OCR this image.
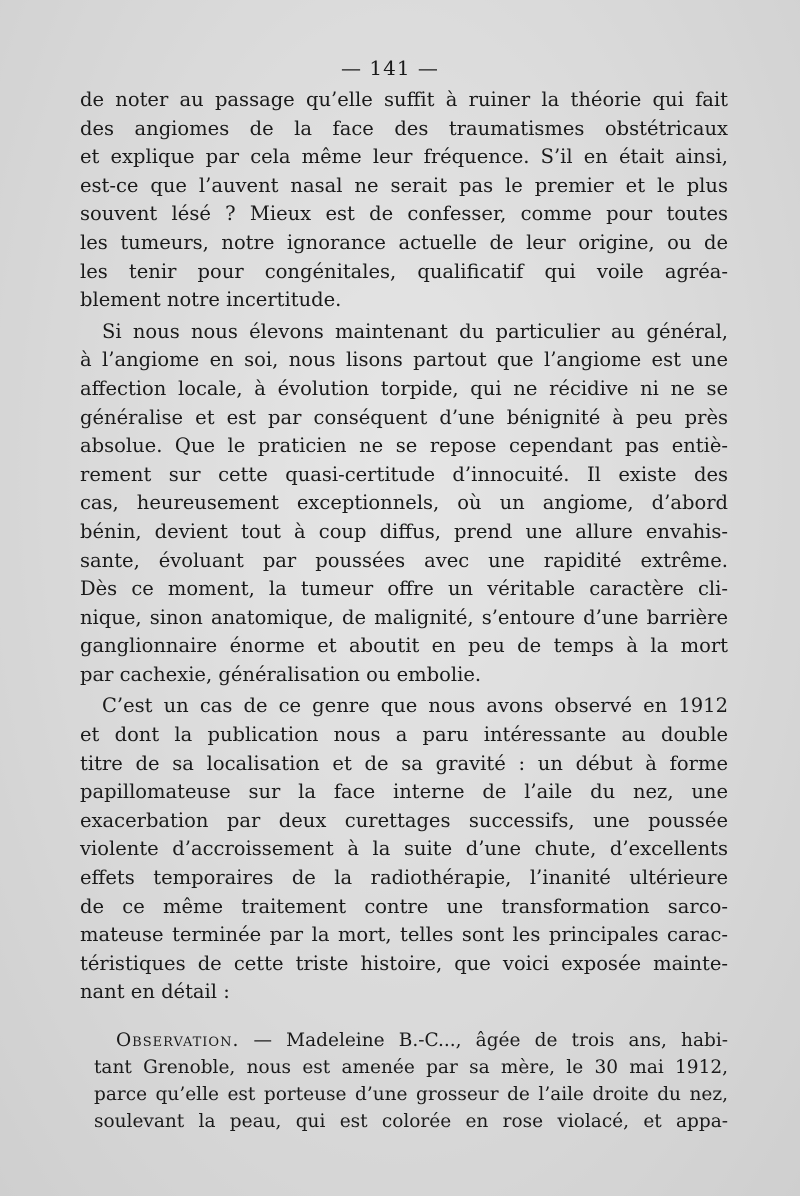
— 141 —
de noter au passage qu’elle suffit à ruiner la théorie qui fait
des angiomes de la face des traumatismes obstétricaux
et explique par cela même leur fréquence. S’il en était ainsi,
est-ce que l’auvent nasal ne serait pas le premier et le plus
souvent lésé ? Mieux est de confesser, comme pour toutes
les tumeurs, notre ignorance actuelle de leur origine, ou de
les tenir pour congénitales, qualificatif qui voile agréa-
blement notre incertitude.
Si nous nous élevons maintenant du particulier au général,
à l’angiome en soi, nous lisons partout que l’angiome est une
affection locale, à évolution torpide, qui ne récidive ni ne se
généralise et est par conséquent d’une bénignité à peu près
absolue. Que le praticien ne se repose cependant pas entiè-
rement sur cette quasi-certitude d’innocuité. Il existe des
cas, heureusement exceptionnels, où un angiome, d’abord
bénin, devient tout à coup diffus, prend une allure envahis-
sante, évoluant par poussées avec une rapidité extrême.
Dès ce moment, la tumeur offre un véritable caractère cli-
nique, sinon anatomique, de malignité, s’entoure d’une barrière
ganglionnaire énorme et aboutit en peu de temps à la mort
par cachexie, généralisation ou embolie.
C’est un cas de ce genre que nous avons observé en 1912
et dont la publication nous a paru intéressante au double
titre de sa localisation et de sa gravité : un début à forme
papillomateuse sur la face interne de l’aile du nez, une
exacerbation par deux curettages successifs, une poussée
violente d’accroissement à la suite d’une chute, d’excellents
effets temporaires de la radiothérapie, l’inanité ultérieure
de ce même traitement contre une transformation sarco-
mateuse terminée par la mort, telles sont les principales carac-
téristiques de cette triste histoire, que voici exposée mainte-
nant en détail :
Observation. — Madeleine B.-C..., âgée de trois ans, habi-
tant Grenoble, nous est amenée par sa mère, le 30 mai 1912,
parce qu’elle est porteuse d’une grosseur de l’aile droite du nez,
soulevant la peau, qui est colorée en rose violacé, et appa-
